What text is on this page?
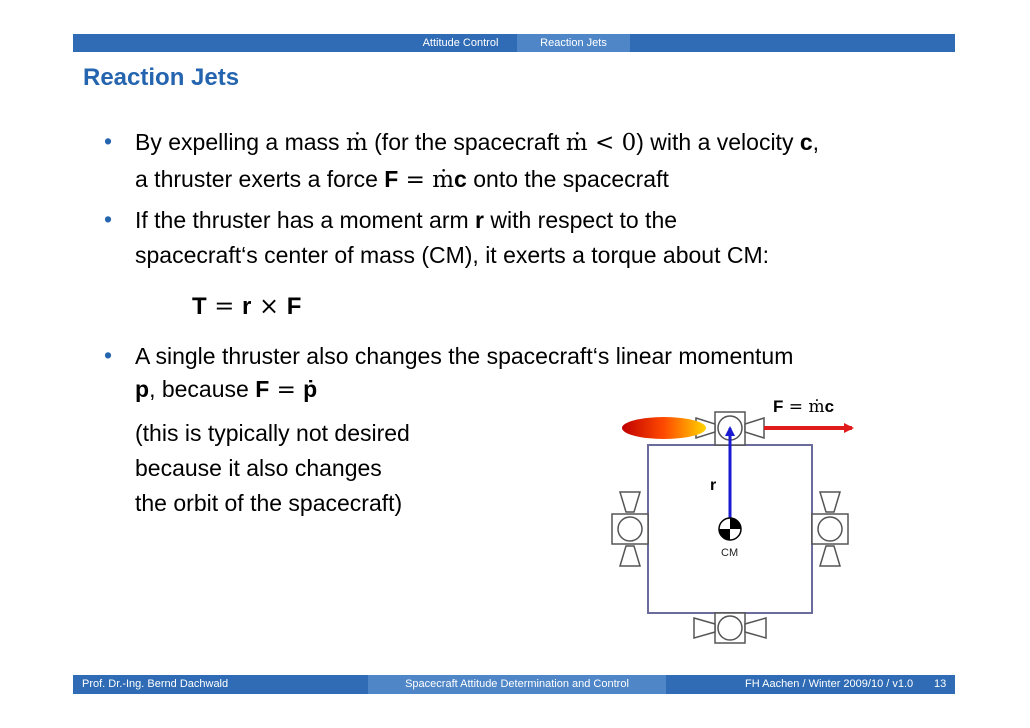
Attitude Control	Reaction Jets
Reaction Jets
• By expelling a mass ṁ (for the spacecraft ṁ < 0) with a velocity c,
a thruster exerts a force F = ṁc onto the spacecraft
• If the thruster has a moment arm r with respect to the
spacecraft‘s center of mass (CM), it exerts a torque about CM:
T = r × F
• A single thruster also changes the spacecraft‘s linear momentum
p, because F = ṗ
(this is typically not desired
because it also changes
the orbit of the spacecraft)
F = ṁc
r
CM
Prof. Dr.-Ing. Bernd Dachwald	Spacecraft Attitude Determination and Control	FH Aachen / Winter 2009/10 / v1.0 13
